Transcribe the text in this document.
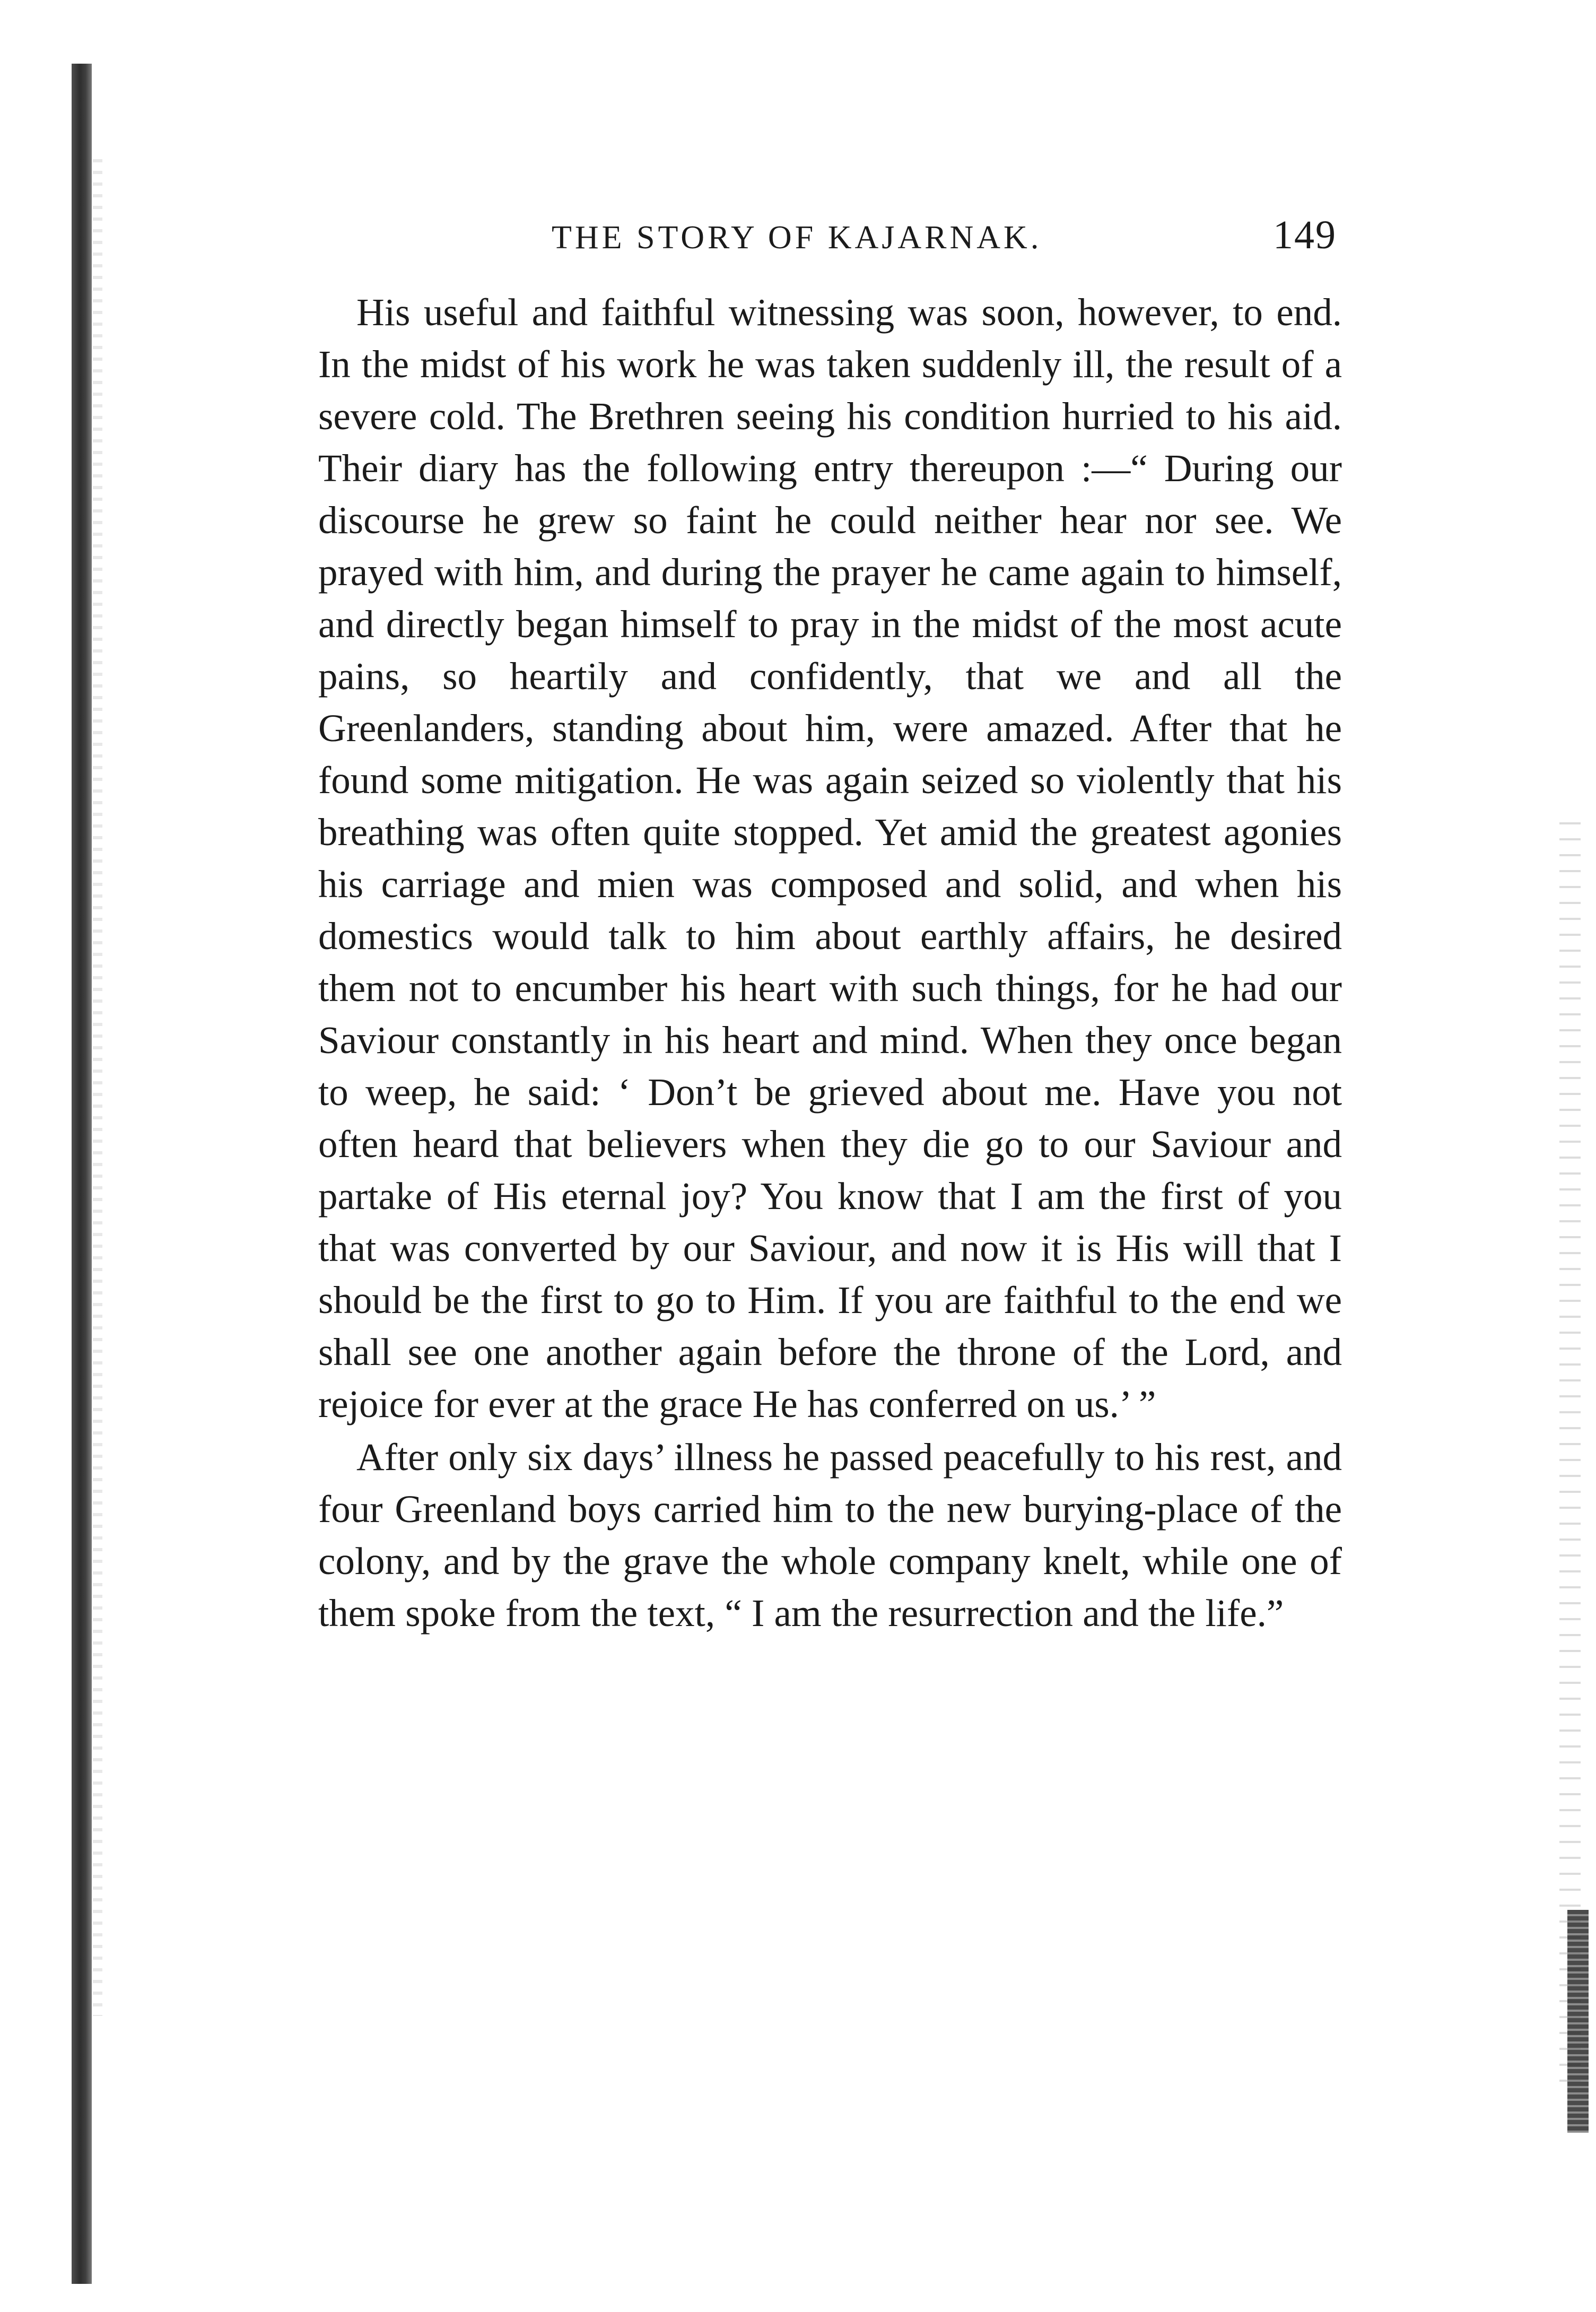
THE STORY OF KAJARNAK.	149

His useful and faithful witnessing was soon, however, to end. In the midst of his work he was taken suddenly ill, the result of a severe cold. The Brethren seeing his condition hurried to his aid. Their diary has the following entry thereupon :—“ During our discourse he grew so faint he could neither hear nor see. We prayed with him, and during the prayer he came again to himself, and directly began himself to pray in the midst of the most acute pains, so heartily and confidently, that we and all the Greenlanders, standing about him, were amazed. After that he found some mitigation. He was again seized so violently that his breathing was often quite stopped. Yet amid the greatest agonies his carriage and mien was composed and solid, and when his domestics would talk to him about earthly affairs, he desired them not to encumber his heart with such things, for he had our Saviour constantly in his heart and mind. When they once began to weep, he said: ‘ Don’t be grieved about me. Have you not often heard that believers when they die go to our Saviour and partake of His eternal joy? You know that I am the first of you that was converted by our Saviour, and now it is His will that I should be the first to go to Him. If you are faithful to the end we shall see one another again before the throne of the Lord, and rejoice for ever at the grace He has conferred on us.’ ”

After only six days’ illness he passed peacefully to his rest, and four Greenland boys carried him to the new burying-place of the colony, and by the grave the whole company knelt, while one of them spoke from the text, “ I am the resurrection and the life.”
